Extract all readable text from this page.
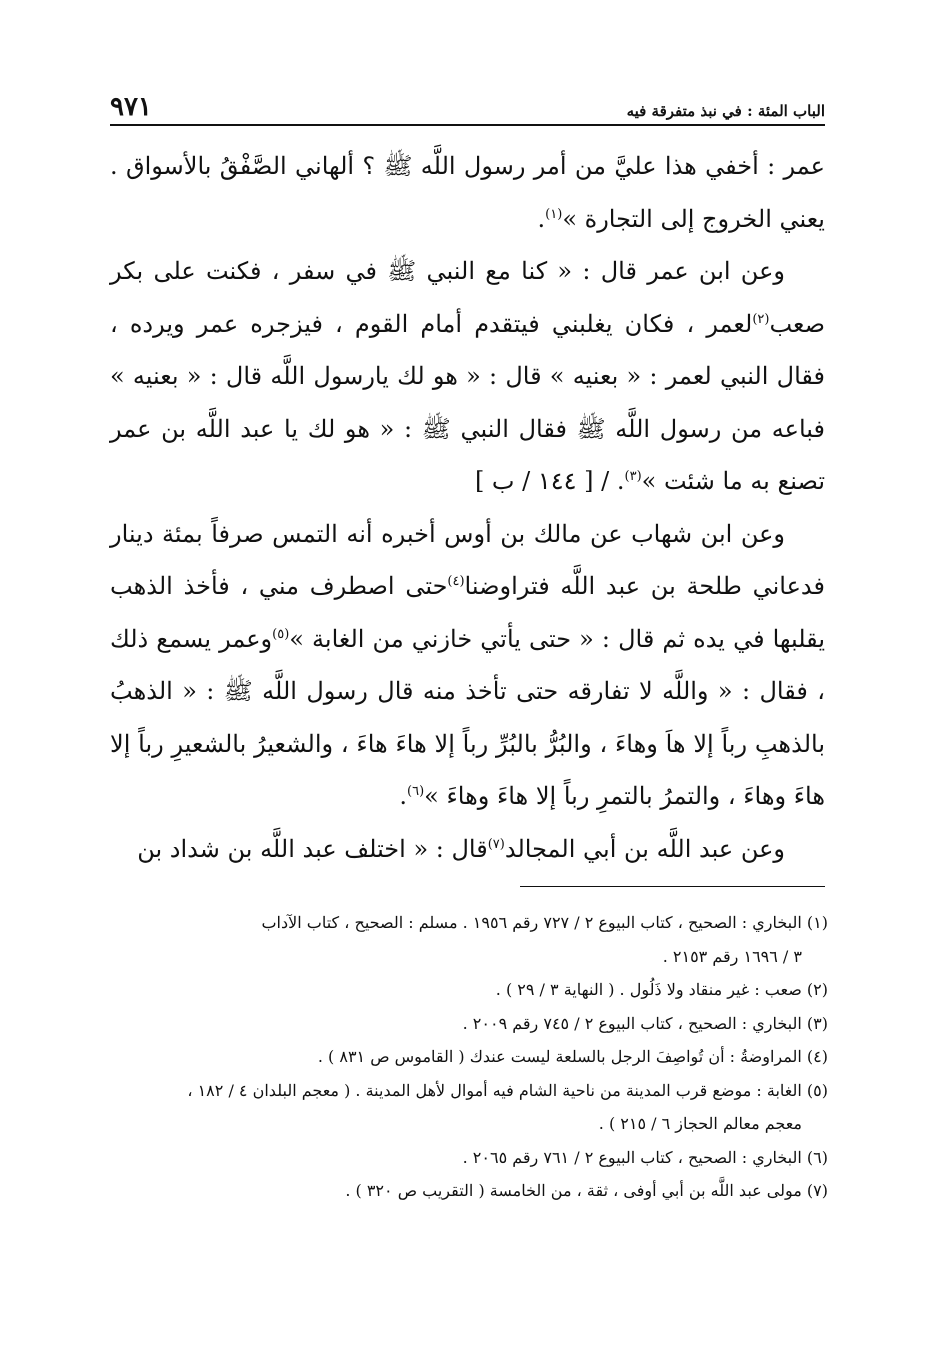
٩٧١	الباب المئة : في نبذ متفرقة فيه

عمر : أخفي هذا عليَّ من أمر رسول اللَّه ﷺ ؟ ألهاني الصَّفْقُ بالأسواق . يعني الخروج إلى التجارة »$^{(١)}$.

وعن ابن عمر قال : « كنا مع النبي ﷺ في سفر ، فكنت على بكر صعب$^{(٢)}$لعمر ، فكان يغلبني فيتقدم أمام القوم ، فيزجره عمر ويرده ، فقال النبي لعمر : « بعنيه » قال : « هو لك يارسول اللَّه قال : « بعنيه » فباعه من رسول اللَّه ﷺ فقال النبي ﷺ : « هو لك يا عبد اللَّه بن عمر تصنع به ما شئت »$^{(٣)}$. / [ ١٤٤ / ب ]

وعن ابن شهاب عن مالك بن أوس أخبره أنه التمس صرفاً بمئة دينار فدعاني طلحة بن عبد اللَّه فتراوضنا$^{(٤)}$حتى اصطرف مني ، فأخذ الذهب يقلبها في يده ثم قال : « حتى يأتي خازني من الغابة »$^{(٥)}$وعمر يسمع ذلك ، فقال : « واللَّه لا تفارقه حتى تأخذ منه قال رسول اللَّه ﷺ : « الذهبُ بالذهبِ رباً إلا هاَ وهاءَ ، والبُرُّ بالبُرِّ رباً إلا هاءَ هاءَ ، والشعيرُ بالشعيرِ رباً إلا هاءَ وهاءَ ، والتمرُ بالتمرِ رباً إلا هاءَ وهاءَ »$^{(٦)}$.

وعن عبد اللَّه بن أبي المجالد$^{(٧)}$قال : « اختلف عبد اللَّه بن شداد بن

(١) البخاري : الصحيح ، كتاب البيوع ٢ / ٧٢٧ رقم ١٩٥٦ . مسلم : الصحيح ، كتاب الآداب

٣ / ١٦٩٦ رقم ٢١٥٣ .

(٢) صعب : غير منقاد ولا ذَلُول . ( النهاية ٣ / ٢٩ ) .

(٣) البخاري : الصحيح ، كتاب البيوع ٢ / ٧٤٥ رقم ٢٠٠٩ .

(٤) المراوضةُ : أن تُواصِفَ الرجل بالسلعة ليست عندك ( القاموس ص ٨٣١ ) .

(٥) الغابة : موضع قرب المدينة من ناحية الشام فيه أموال لأهل المدينة . ( معجم البلدان ٤ / ١٨٢ ،

معجم معالم الحجاز ٦ / ٢١٥ ) .

(٦) البخاري : الصحيح ، كتاب البيوع ٢ / ٧٦١ رقم ٢٠٦٥ .

(٧) مولى عبد اللَّه بن أبي أوفى ، ثقة ، من الخامسة ( التقريب ص ٣٢٠ ) .
